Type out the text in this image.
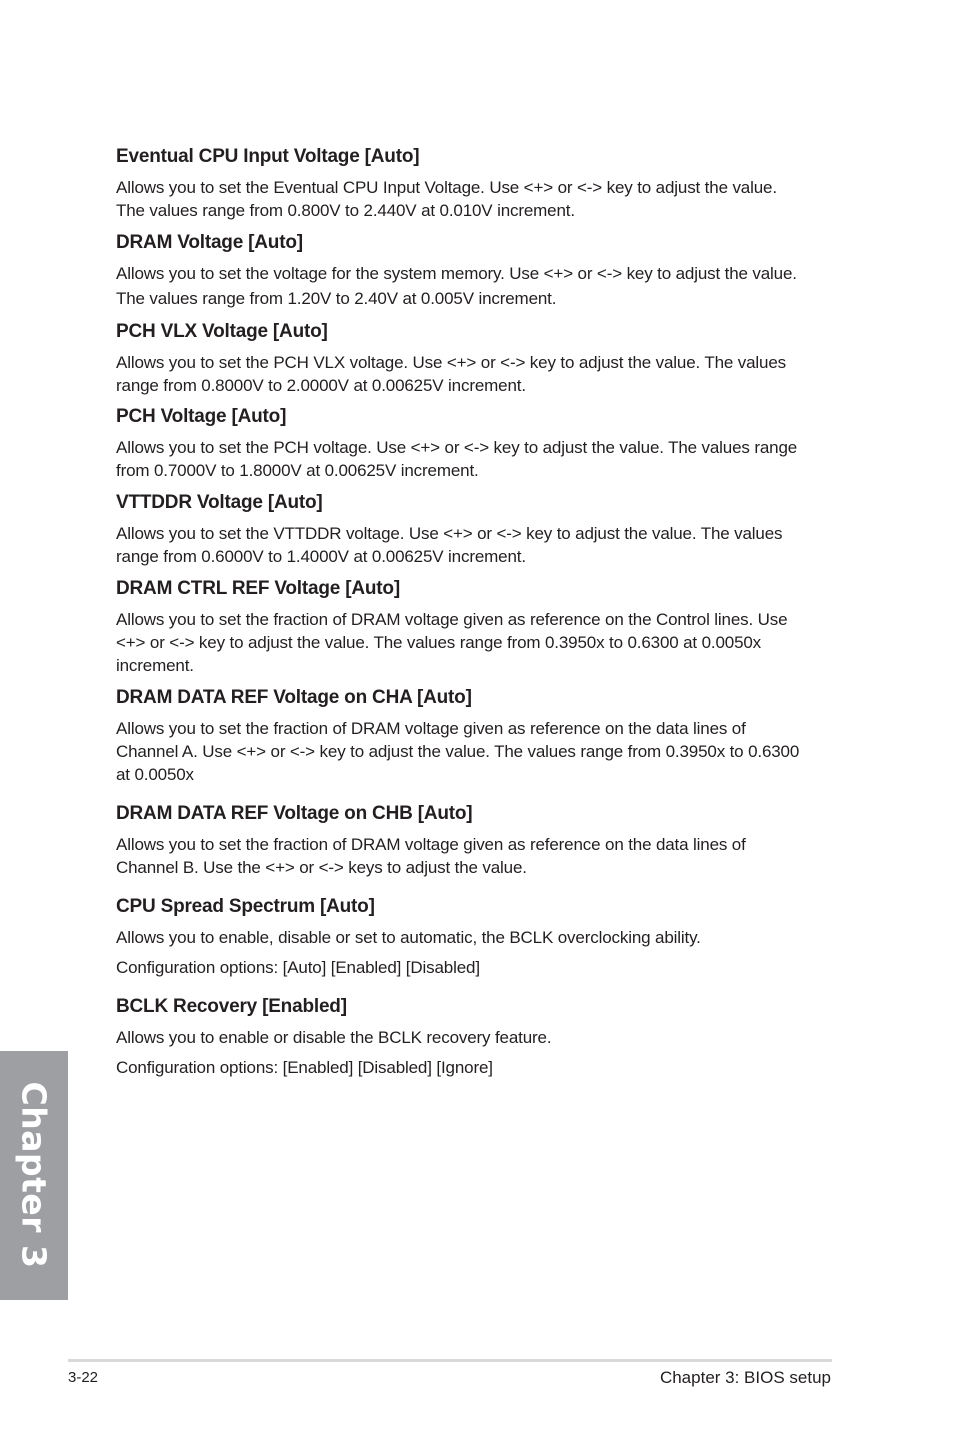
Eventual CPU Input Voltage [Auto]

Allows you to set the Eventual CPU Input Voltage. Use <+> or <-> key to adjust the value.
The values range from 0.800V to 2.440V at 0.010V increment.

DRAM Voltage [Auto]

Allows you to set the voltage for the system memory. Use <+> or <-> key to adjust the value.

The values range from 1.20V to 2.40V at 0.005V increment.

PCH VLX Voltage [Auto]

Allows you to set the PCH VLX voltage. Use <+> or <-> key to adjust the value. The values
range from 0.8000V to 2.0000V at 0.00625V increment.

PCH Voltage [Auto]

Allows you to set the PCH voltage. Use <+> or <-> key to adjust the value. The values range
from 0.7000V to 1.8000V at 0.00625V increment.

VTTDDR Voltage [Auto]

Allows you to set the VTTDDR voltage. Use <+> or <-> key to adjust the value. The values
range from 0.6000V to 1.4000V at 0.00625V increment.

DRAM CTRL REF Voltage [Auto]

Allows you to set the fraction of DRAM voltage given as reference on the Control lines. Use
<+> or <-> key to adjust the value. The values range from 0.3950x to 0.6300 at 0.0050x
increment.

DRAM DATA REF Voltage on CHA [Auto]

Allows you to set the fraction of DRAM voltage given as reference on the data lines of
Channel A. Use <+> or <-> key to adjust the value. The values range from 0.3950x to 0.6300
at 0.0050x

DRAM DATA REF Voltage on CHB [Auto]

Allows you to set the fraction of DRAM voltage given as reference on the data lines of
Channel B. Use the <+> or <-> keys to adjust the value.

CPU Spread Spectrum [Auto]

Allows you to enable, disable or set to automatic, the BCLK overclocking ability.

Configuration options: [Auto] [Enabled] [Disabled]

BCLK Recovery [Enabled]

Allows you to enable or disable the BCLK recovery feature.

Configuration options: [Enabled] [Disabled] [Ignore]

Chapter 3
3-22	Chapter 3: BIOS setup
